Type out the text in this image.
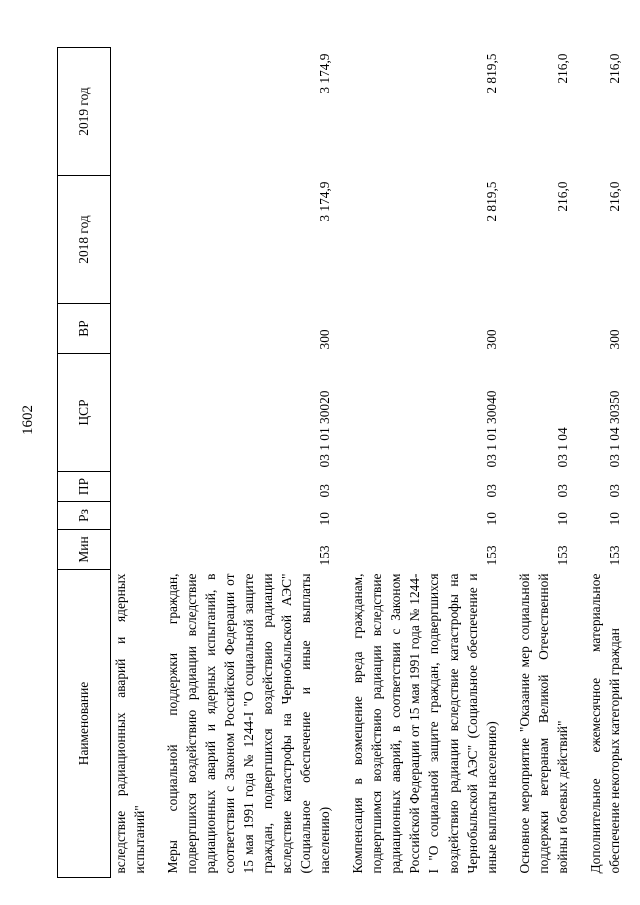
1602
Наименование	Мин	Рз	ПР	ЦСР	ВР	2018 год	2019 год
вследствие радиационных аварий и ядерных испытаний"							
Меры социальной поддержки граждан, подвергшихся воздействию радиации вследствие радиационных аварий и ядерных испытаний, в соответствии с Законом Российской Федерации от 15 мая 1991 года № 1244-I "О социальной защите граждан, подвергшихся воздействию радиации вследствие катастрофы на Чернобыльской АЭС" (Социальное обеспечение и иные выплаты населению)	153	10	03	03 1 01 30020	300	3 174,9	3 174,9
Компенсация в возмещение вреда гражданам, подвергшимся воздействию радиации вследствие радиационных аварий, в соответствии с Законом Российской Федерации от 15 мая 1991 года № 1244-I "О социальной защите граждан, подвергшихся воздействию радиации вследствие катастрофы на Чернобыльской АЭС" (Социальное обеспечение и иные выплаты населению)	153	10	03	03 1 01 30040	300	2 819,5	2 819,5
Основное мероприятие "Оказание мер социальной поддержки ветеранам Великой Отечественной войны и боевых действий"	153	10	03	03 1 04		216,0	216,0
Дополнительное ежемесячное материальное обеспечение некоторых категорий граждан	153	10	03	03 1 04 30350	300	216,0	216,0
